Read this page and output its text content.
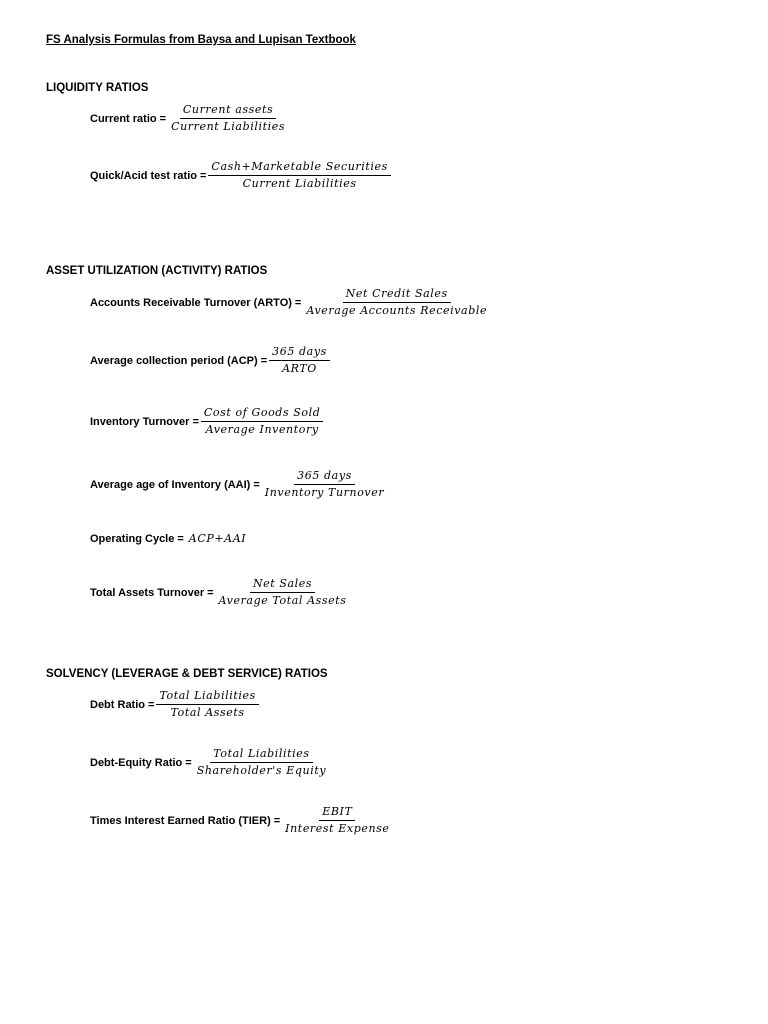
FS Analysis Formulas from Baysa and Lupisan Textbook
LIQUIDITY RATIOS
Current ratio = $\frac{\text{Current assets}}{\text{Current Liabilities}}$
Quick/Acid test ratio = $\frac{\text{Cash+Marketable Securities}}{\text{Current Liabilities}}$
ASSET UTILIZATION (ACTIVITY) RATIOS
Accounts Receivable Turnover (ARTO) = $\frac{\text{Net Credit Sales}}{\text{Average Accounts Receivable}}$
Average collection period $(ACP) = \frac{\text{365 days}}{\text{ARTO}}$
Inventory Turnover = $\frac{\text{Cost of Goods Sold}}{\text{Average Inventory}}$
Average age of Inventory $(AAI) = \frac{\text{365 days}}{\text{Inventory Turnover}}$
Operating Cycle = ACP+AAI
Total Assets Turnover = $\frac{\text{Net Sales}}{\text{Average Total Assets}}$
SOLVENCY (LEVERAGE & DEBT SERVICE) RATIOS
Debt Ratio = $\frac{\text{Total Liabilities}}{\text{Total Assets}}$
Debt-Equity Ratio = $\frac{\text{Total Liabilities}}{\text{Shareholder's Equity}}$
Times Interest Earned Ratio (TIER) = $\frac{\text{EBIT}}{\text{Interest Expense}}$
